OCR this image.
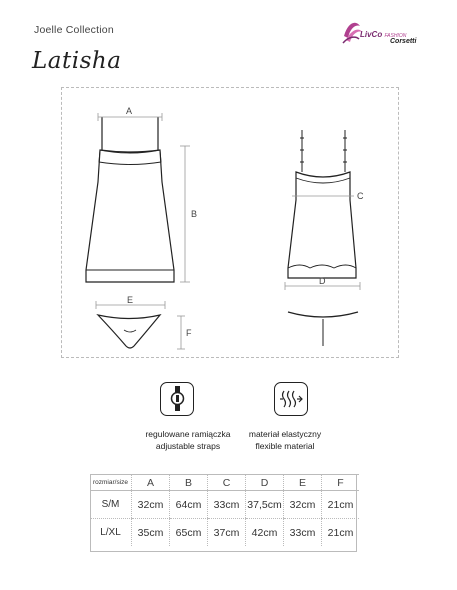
Joelle Collection
Latisha
LivCo FASHION
Corsetti
A
B
C
D
E
F
regulowane ramiączka
adjustable straps
materiał elastyczny
flexible material
rozmiar/size	A	B	C	D	E	F
S/M	32cm	64cm	33cm	37,5cm	32cm	21cm
L/XL	35cm	65cm	37cm	42cm	33cm	21cm
